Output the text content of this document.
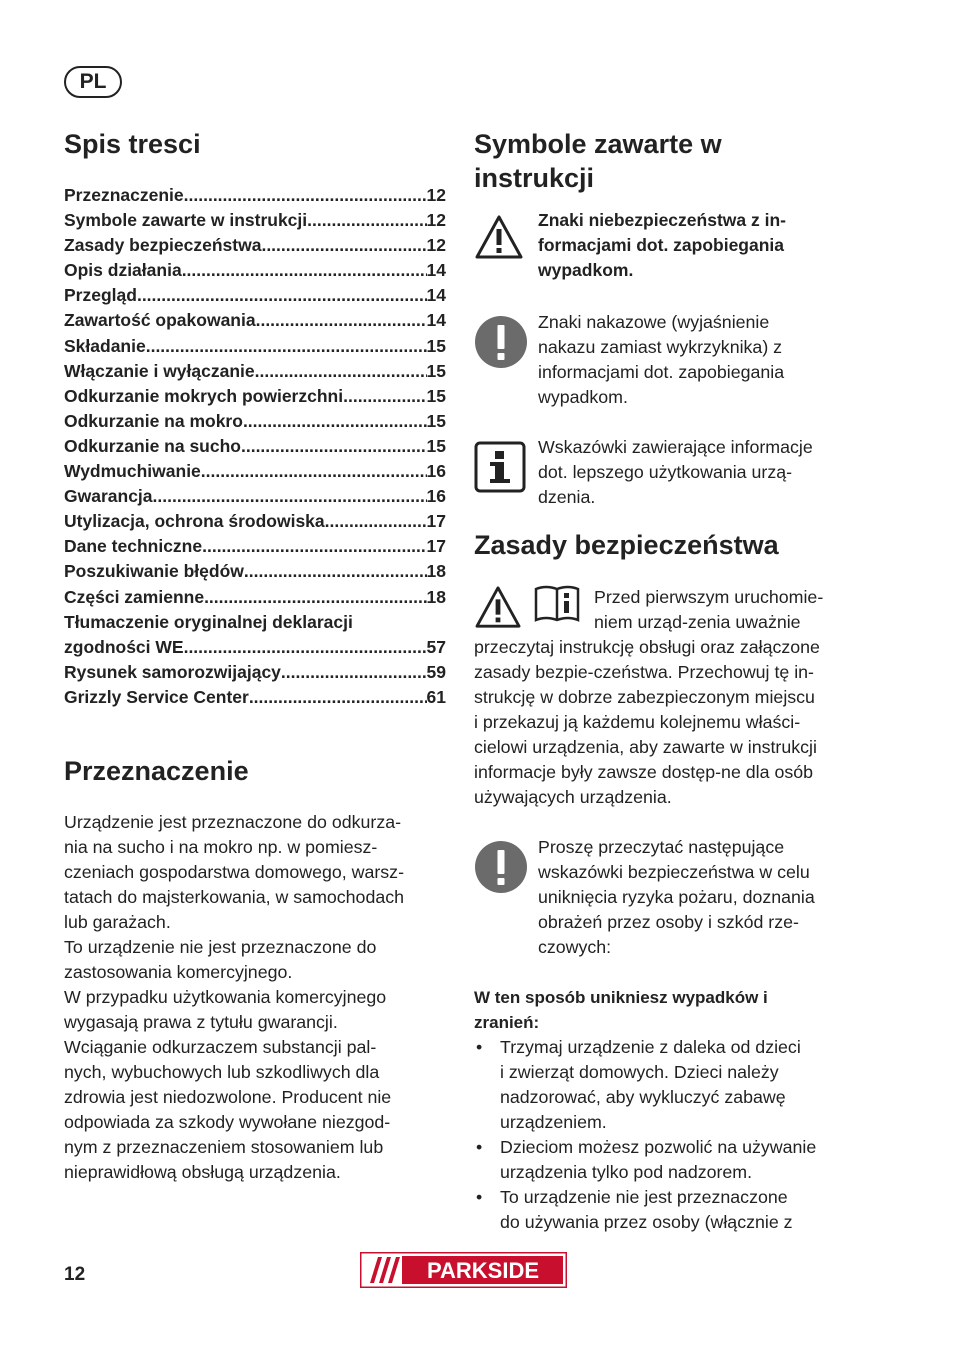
PL
Spis tresci
Przeznaczenie .....	12
Symbole zawarte w instrukcji .....	12
Zasady bezpieczeństwa .....	12
Opis działania .....	14
Przegląd .....	14
Zawartość opakowania .....	14
Składanie .....	15
Włączanie i wyłączanie .....	15
Odkurzanie mokrych powierzchni .....	15
Odkurzanie na mokro .....	15
Odkurzanie na sucho .....	15
Wydmuchiwanie .....	16
Gwarancja .....	16
Utylizacja, ochrona środowiska .....	17
Dane techniczne .....	17
Poszukiwanie błędów .....	18
Części zamienne .....	18
Tłumaczenie oryginalnej deklaracji
zgodności WE .....	57
Rysunek samorozwijający .....	59
Grizzly Service Center .....	61
Przeznaczenie
Urządzenie jest przeznaczone do odkurza-
nia na sucho i na mokro np. w pomiesz-
czeniach gospodarstwa domowego, warsz-
tatach do majsterkowania, w samochodach
lub garażach.
To urządzenie nie jest przeznaczone do
zastosowania komercyjnego.
W przypadku użytkowania komercyjnego
wygasają prawa z tytułu gwarancji.
Wciąganie odkurzaczem substancji pal-
nych, wybuchowych lub szkodliwych dla
zdrowia jest niedozwolone. Producent nie
odpowiada za szkody wywołane niezgod-
nym z przeznaczeniem stosowaniem lub
nieprawidłową obsługą urządzenia.
Symbole zawarte w
instrukcji
Znaki niebezpieczeństwa z in-
formacjami dot. zapobiegania
wypadkom.
Znaki nakazowe (wyjaśnienie
nakazu zamiast wykrzyknika) z
informacjami dot. zapobiegania
wypadkom.
Wskazówki zawierające informacje
dot. lepszego użytkowania urzą-
dzenia.
Zasady bezpieczeństwa
Przed pierwszym uruchomie-
niem urząd-zenia uważnie
przeczytaj instrukcję obsługi oraz załączone
zasady bezpie-czeństwa. Przechowuj tę in-
strukcję w dobrze zabezpieczonym miejscu
i przekazuj ją każdemu kolejnemu właści-
cielowi urządzenia, aby zawarte w instrukcji
informacje były zawsze dostęp-ne dla osób
używających urządzenia.
Proszę przeczytać następujące
wskazówki bezpieczeństwa w celu
uniknięcia ryzyka pożaru, doznania
obrażeń przez osoby i szkód rze-
czowych:
W ten sposób unikniesz wypadków i
zranień:
• Trzymaj urządzenie z daleka od dzieci
i zwierząt domowych. Dzieci należy
nadzorować, aby wykluczyć zabawę
urządzeniem.
• Dzieciom możesz pozwolić na używanie
urządzenia tylko pod nadzorem.
• To urządzenie nie jest przeznaczone
do używania przez osoby (włącznie z
12	PARKSIDE
